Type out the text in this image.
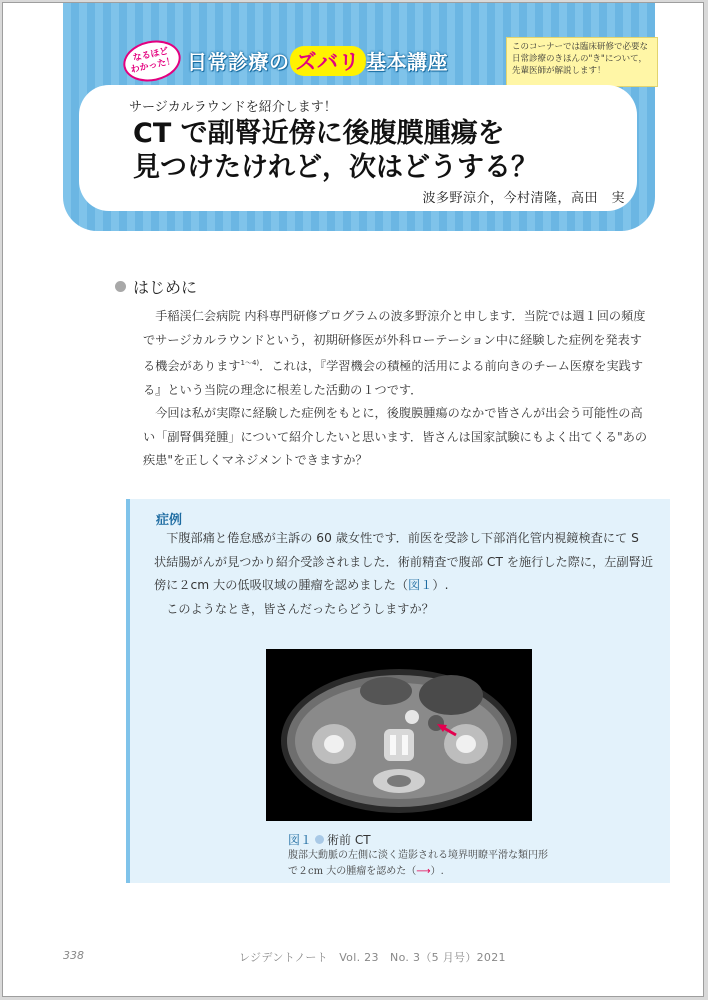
なるほど わかった！ 日常診療の ズバリ 基本講座
このコーナーでは臨床研修で必要な日常診療のきほんの"き"について，先輩医師が解説します！
サージカルラウンドを紹介します！
CT で副腎近傍に後腹膜腫瘍を
見つけたけれど，次はどうする？
波多野涼介，今村清隆，高田　実
はじめに

手稲渓仁会病院 内科専門研修プログラムの波多野涼介と申します．当院では週１回の頻度でサージカルラウンドという，初期研修医が外科ローテーション中に経験した症例を発表する機会があります$^{1〜4)}$．これは，『学習機会の積極的活用による前向きのチーム医療を実践する』という当院の理念に根差した活動の１つです．

今回は私が実際に経験した症例をもとに，後腹膜腫瘍のなかで皆さんが出会う可能性の高い「副腎偶発腫」について紹介したいと思います．皆さんは国家試験にもよく出てくる"あの疾患"を正しくマネジメントできますか？

症例

下腹部痛と倦怠感が主訴の 60 歳女性です．前医を受診し下部消化管内視鏡検査にて S 状結腸がんが見つかり紹介受診されました．術前精査で腹部 CT を施行した際に，左副腎近傍に２cm 大の低吸収域の腫瘤を認めました（図１）.

このようなとき，皆さんだったらどうしますか？

図１ 術前 CT
腹部大動脈の左側に淡く造影される境界明瞭平滑な類円形で２cm 大の腫瘤を認めた（⟶）.
338	レジデントノート　Vol. 23　No. 3（5 月号）2021
